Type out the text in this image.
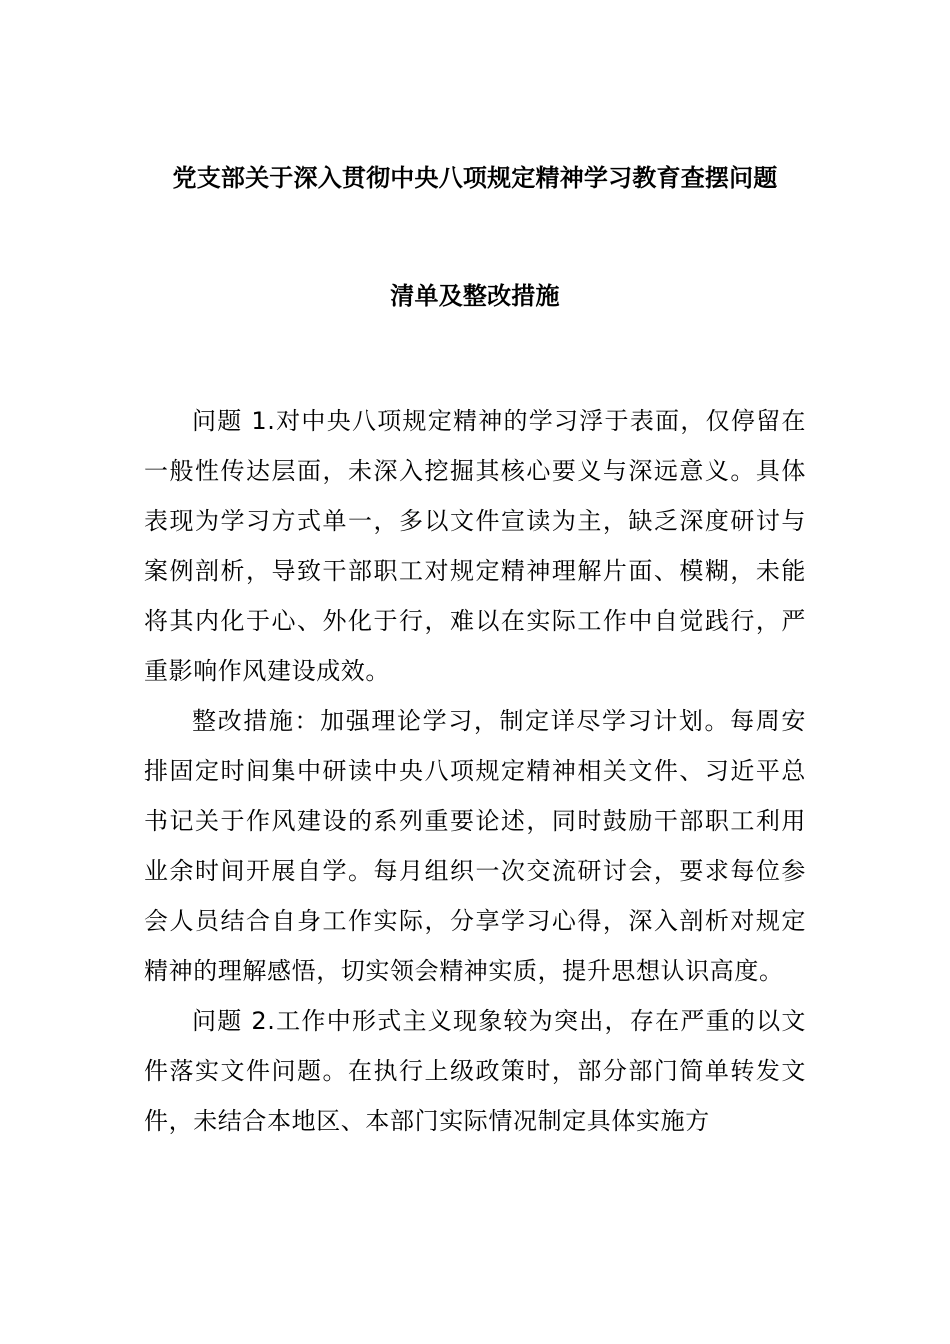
党支部关于深入贯彻中央八项规定精神学习教育查摆问题
清单及整改措施

问题 1.对中央八项规定精神的学习浮于表面，仅停留在一般性传达层面，未深入挖掘其核心要义与深远意义。具体表现为学习方式单一，多以文件宣读为主，缺乏深度研讨与案例剖析，导致干部职工对规定精神理解片面、模糊，未能将其内化于心、外化于行，难以在实际工作中自觉践行，严重影响作风建设成效。

整改措施：加强理论学习，制定详尽学习计划。每周安排固定时间集中研读中央八项规定精神相关文件、习近平总书记关于作风建设的系列重要论述，同时鼓励干部职工利用业余时间开展自学。每月组织一次交流研讨会，要求每位参会人员结合自身工作实际，分享学习心得，深入剖析对规定精神的理解感悟，切实领会精神实质，提升思想认识高度。

问题 2.工作中形式主义现象较为突出，存在严重的以文件落实文件问题。在执行上级政策时，部分部门简单转发文件，未结合本地区、本部门实际情况制定具体实施方
